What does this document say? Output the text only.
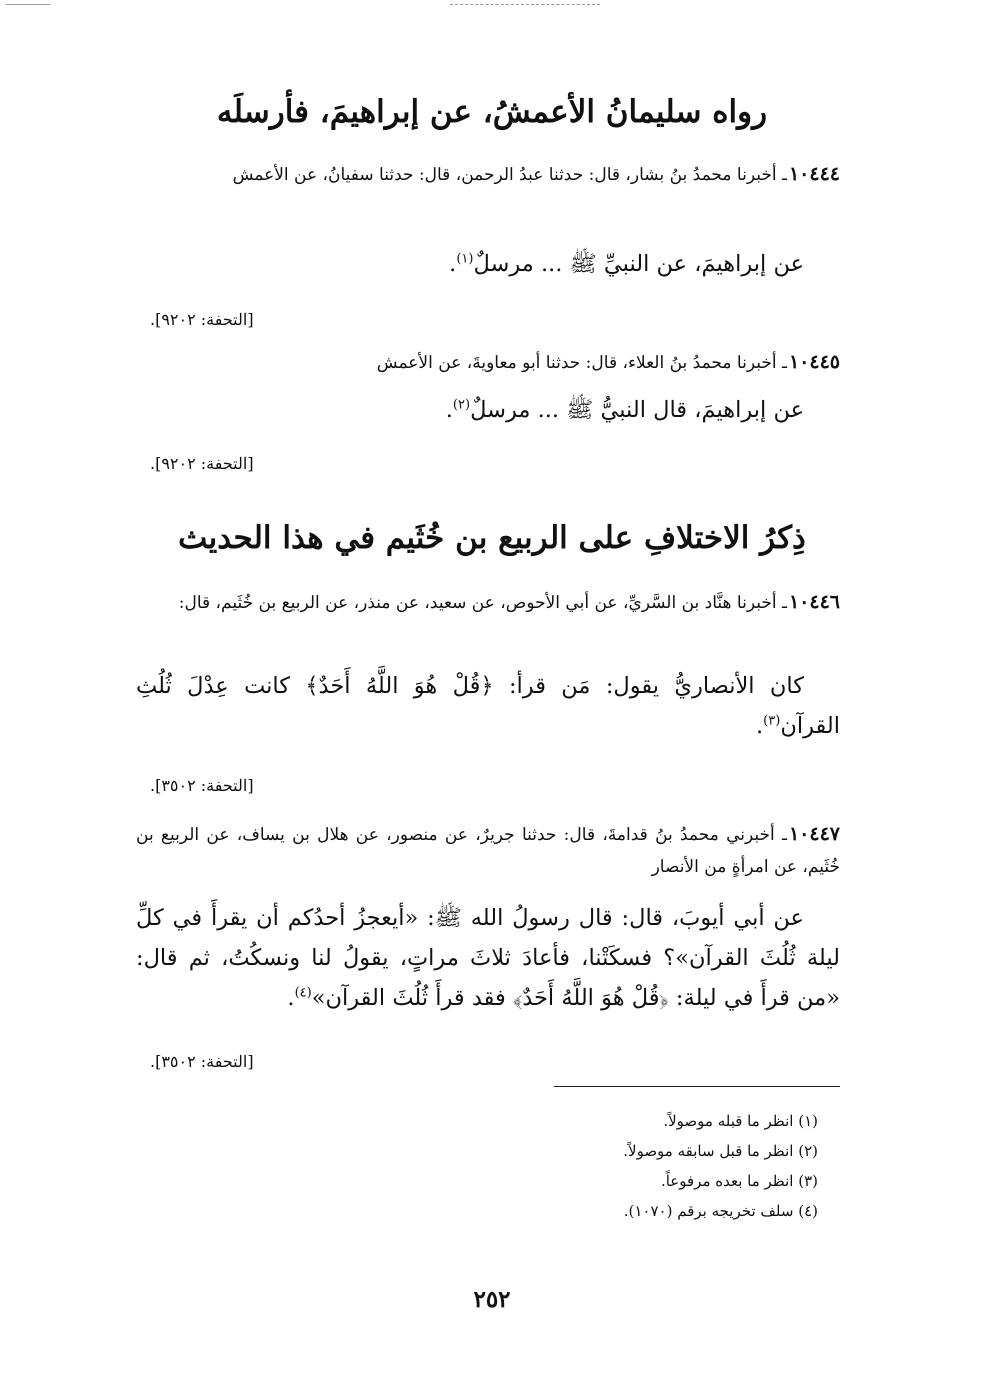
رواه سليمانُ الأعمشُ، عن إبراهيمَ، فأرسلَه
١٠٤٤٤ـ أخبرنا محمدُ بنُ بشار، قال: حدثنا عبدُ الرحمن، قال: حدثنا سفيانُ، عن الأعمش
عن إبراهيمَ، عن النبيِّ ﷺ ... مرسلٌ$^{(١)}$.
[التحفة: ٩٢٠٢].
١٠٤٤٥ـ أخبرنا محمدُ بنُ العلاء، قال: حدثنا أبو معاويةَ، عن الأعمش
عن إبراهيمَ، قال النبيُّ ﷺ ... مرسلٌ$^{(٢)}$.
[التحفة: ٩٢٠٢].
ذِكرُ الاختلافِ على الربيع بن خُثَيم في هذا الحديث
١٠٤٤٦ـ أخبرنا هنَّاد بن السَّريِّ، عن أبي الأحوص، عن سعيد، عن منذر، عن الربيع بن خُثَيم، قال:
كان الأنصاريُّ يقول: مَن قرأ: ﴿قُلْ هُوَ اللَّهُ أَحَدٌ﴾ كانت عِدْلَ ثُلُثِ القرآن$^{(٣)}$.
[التحفة: ٣٥٠٢].
١٠٤٤٧ـ أخبرني محمدُ بنُ قدامةَ، قال: حدثنا جريرٌ، عن منصور، عن هلال بن يساف، عن الربيع بن خُثَيم، عن امرأةٍ من الأنصار
عن أبي أيوبَ، قال: قال رسولُ الله ﷺ: «أيعجزُ أحدُكم أن يقرأَ في كلِّ ليلة ثُلُثَ القرآن»؟ فسكَتْنا، فأعادَ ثلاثَ مراتٍ، يقولُ لنا ونسكُتُ، ثم قال: «من قرأَ في ليلة: ﴿قُلْ هُوَ اللَّهُ أَحَدٌ﴾ فقد قرأَ ثُلُثَ القرآن»$^{(٤)}$.
[التحفة: ٣٥٠٢].
(١) انظر ما قبله موصولاً.
(٢) انظر ما قبل سابقه موصولاً.
(٣) انظر ما بعده مرفوعاً.
(٤) سلف تخريجه برقم (١٠٧٠).
٢٥٢
